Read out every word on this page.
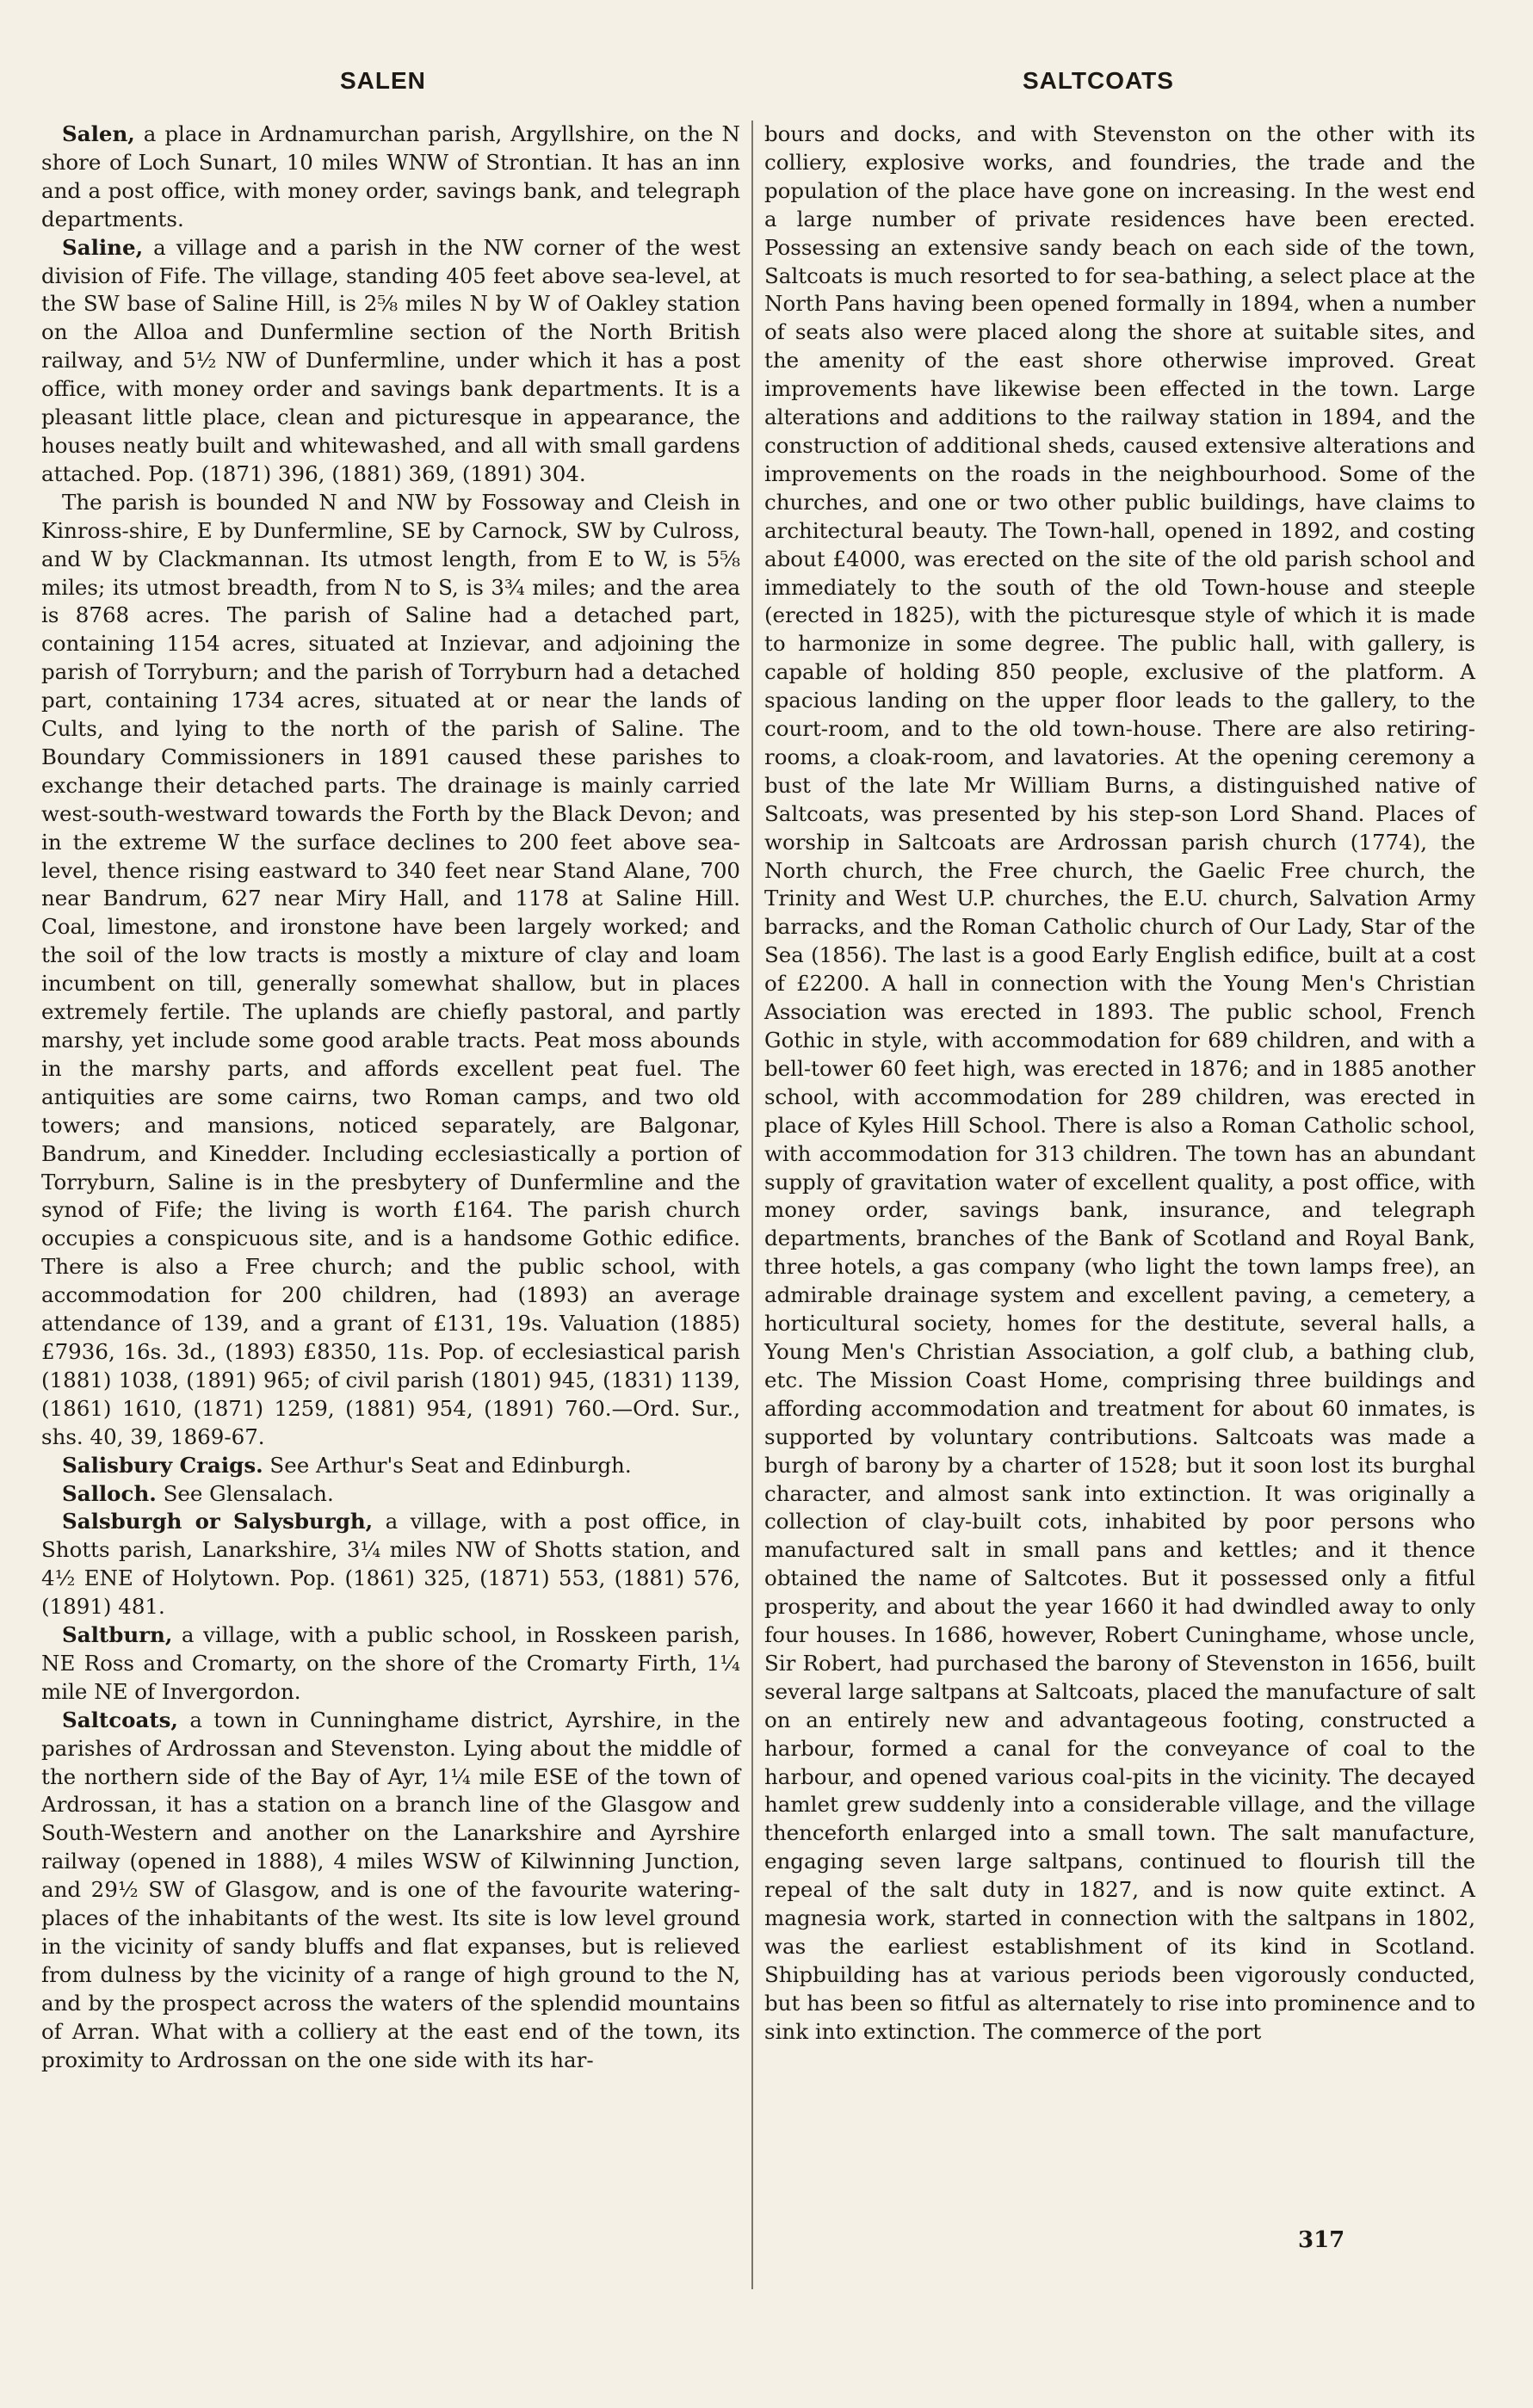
SALEN	SALTCOATS

Salen, a place in Ardnamurchan parish, Argyllshire, on the N shore of Loch Sunart, 10 miles WNW of Strontian. It has an inn and a post office, with money order, savings bank, and telegraph departments.

Saline, a village and a parish in the NW corner of the west division of Fife. The village, standing 405 feet above sea-level, at the SW base of Saline Hill, is 2⅝ miles N by W of Oakley station on the Alloa and Dunfermline section of the North British railway, and 5½ NW of Dunfermline, under which it has a post office, with money order and savings bank departments. It is a pleasant little place, clean and picturesque in appearance, the houses neatly built and whitewashed, and all with small gardens attached. Pop. (1871) 396, (1881) 369, (1891) 304.

The parish is bounded N and NW by Fossoway and Cleish in Kinross-shire, E by Dunfermline, SE by Carnock, SW by Culross, and W by Clackmannan. Its utmost length, from E to W, is 5⅝ miles; its utmost breadth, from N to S, is 3¾ miles; and the area is 8768 acres. The parish of Saline had a detached part, containing 1154 acres, situated at Inzievar, and adjoining the parish of Torryburn; and the parish of Torryburn had a detached part, containing 1734 acres, situated at or near the lands of Cults, and lying to the north of the parish of Saline. The Boundary Commissioners in 1891 caused these parishes to exchange their detached parts. The drainage is mainly carried west-south-westward towards the Forth by the Black Devon; and in the extreme W the surface declines to 200 feet above sea-level, thence rising eastward to 340 feet near Stand Alane, 700 near Bandrum, 627 near Miry Hall, and 1178 at Saline Hill. Coal, limestone, and ironstone have been largely worked; and the soil of the low tracts is mostly a mixture of clay and loam incumbent on till, generally somewhat shallow, but in places extremely fertile. The uplands are chiefly pastoral, and partly marshy, yet include some good arable tracts. Peat moss abounds in the marshy parts, and affords excellent peat fuel. The antiquities are some cairns, two Roman camps, and two old towers; and mansions, noticed separately, are Balgonar, Bandrum, and Kinedder. Including ecclesiastically a portion of Torryburn, Saline is in the presbytery of Dunfermline and the synod of Fife; the living is worth £164. The parish church occupies a conspicuous site, and is a handsome Gothic edifice. There is also a Free church; and the public school, with accommodation for 200 children, had (1893) an average attendance of 139, and a grant of £131, 19s. Valuation (1885) £7936, 16s. 3d., (1893) £8350, 11s. Pop. of ecclesiastical parish (1881) 1038, (1891) 965; of civil parish (1801) 945, (1831) 1139, (1861) 1610, (1871) 1259, (1881) 954, (1891) 760.—Ord. Sur., shs. 40, 39, 1869-67.

Salisbury Craigs. See Arthur's Seat and Edinburgh.

Salloch. See Glensalach.

Salsburgh or Salysburgh, a village, with a post office, in Shotts parish, Lanarkshire, 3¼ miles NW of Shotts station, and 4½ ENE of Holytown. Pop. (1861) 325, (1871) 553, (1881) 576, (1891) 481.

Saltburn, a village, with a public school, in Rosskeen parish, NE Ross and Cromarty, on the shore of the Cromarty Firth, 1¼ mile NE of Invergordon.

Saltcoats, a town in Cunninghame district, Ayrshire, in the parishes of Ardrossan and Stevenston. Lying about the middle of the northern side of the Bay of Ayr, 1¼ mile ESE of the town of Ardrossan, it has a station on a branch line of the Glasgow and South-Western and another on the Lanarkshire and Ayrshire railway (opened in 1888), 4 miles WSW of Kilwinning Junction, and 29½ SW of Glasgow, and is one of the favourite watering-places of the inhabitants of the west. Its site is low level ground in the vicinity of sandy bluffs and flat expanses, but is relieved from dulness by the vicinity of a range of high ground to the N, and by the prospect across the waters of the splendid mountains of Arran. What with a colliery at the east end of the town, its proximity to Ardrossan on the one side with its har-

bours and docks, and with Stevenston on the other with its colliery, explosive works, and foundries, the trade and the population of the place have gone on increasing. In the west end a large number of private residences have been erected. Possessing an extensive sandy beach on each side of the town, Saltcoats is much resorted to for sea-bathing, a select place at the North Pans having been opened formally in 1894, when a number of seats also were placed along the shore at suitable sites, and the amenity of the east shore otherwise improved. Great improvements have likewise been effected in the town. Large alterations and additions to the railway station in 1894, and the construction of additional sheds, caused extensive alterations and improvements on the roads in the neighbourhood. Some of the churches, and one or two other public buildings, have claims to architectural beauty. The Town-hall, opened in 1892, and costing about £4000, was erected on the site of the old parish school and immediately to the south of the old Town-house and steeple (erected in 1825), with the picturesque style of which it is made to harmonize in some degree. The public hall, with gallery, is capable of holding 850 people, exclusive of the platform. A spacious landing on the upper floor leads to the gallery, to the court-room, and to the old town-house. There are also retiring-rooms, a cloak-room, and lavatories. At the opening ceremony a bust of the late Mr William Burns, a distinguished native of Saltcoats, was presented by his step-son Lord Shand. Places of worship in Saltcoats are Ardrossan parish church (1774), the North church, the Free church, the Gaelic Free church, the Trinity and West U.P. churches, the E.U. church, Salvation Army barracks, and the Roman Catholic church of Our Lady, Star of the Sea (1856). The last is a good Early English edifice, built at a cost of £2200. A hall in connection with the Young Men's Christian Association was erected in 1893. The public school, French Gothic in style, with accommodation for 689 children, and with a bell-tower 60 feet high, was erected in 1876; and in 1885 another school, with accommodation for 289 children, was erected in place of Kyles Hill School. There is also a Roman Catholic school, with accommodation for 313 children. The town has an abundant supply of gravitation water of excellent quality, a post office, with money order, savings bank, insurance, and telegraph departments, branches of the Bank of Scotland and Royal Bank, three hotels, a gas company (who light the town lamps free), an admirable drainage system and excellent paving, a cemetery, a horticultural society, homes for the destitute, several halls, a Young Men's Christian Association, a golf club, a bathing club, etc. The Mission Coast Home, comprising three buildings and affording accommodation and treatment for about 60 inmates, is supported by voluntary contributions. Saltcoats was made a burgh of barony by a charter of 1528; but it soon lost its burghal character, and almost sank into extinction. It was originally a collection of clay-built cots, inhabited by poor persons who manufactured salt in small pans and kettles; and it thence obtained the name of Saltcotes. But it possessed only a fitful prosperity, and about the year 1660 it had dwindled away to only four houses. In 1686, however, Robert Cuninghame, whose uncle, Sir Robert, had purchased the barony of Stevenston in 1656, built several large saltpans at Saltcoats, placed the manufacture of salt on an entirely new and advantageous footing, constructed a harbour, formed a canal for the conveyance of coal to the harbour, and opened various coal-pits in the vicinity. The decayed hamlet grew suddenly into a considerable village, and the village thenceforth enlarged into a small town. The salt manufacture, engaging seven large saltpans, continued to flourish till the repeal of the salt duty in 1827, and is now quite extinct. A magnesia work, started in connection with the saltpans in 1802, was the earliest establishment of its kind in Scotland. Shipbuilding has at various periods been vigorously conducted, but has been so fitful as alternately to rise into prominence and to sink into extinction. The commerce of the port

317
